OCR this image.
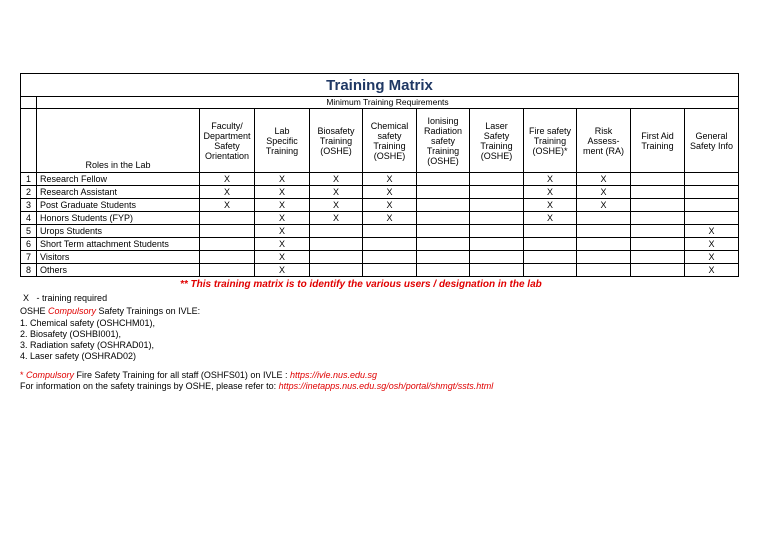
Training Matrix											
	Minimum Training Requirements										
	Roles in the Lab	Faculty/
Department
Safety
Orientation	Lab
Specific
Training	Biosafety
Training
(OSHE)	Chemical
safety
Training
(OSHE)	Ionising
Radiation
safety
Training
(OSHE)	Laser
Safety
Training
(OSHE)	Fire safety
Training
(OSHE)*	Risk
Assess-
ment (RA)	First Aid
Training	General
Safety Info
1	Research Fellow	X	X	X	X			X	X		
2	Research Assistant	X	X	X	X			X	X		
3	Post Graduate Students	X	X	X	X			X	X		
4	Honors Students (FYP)		X	X	X			X			
5	Urops Students		X								X
6	Short Term attachment Students		X								X
7	Visitors		X								X
8	Others		X								X
** This training matrix is to identify the various users / designation in the lab
X - training required
OSHE Compulsory Safety Trainings on IVLE:
1. Chemical safety (OSHCHM01),
2. Biosafety (OSHBI001),
3. Radiation safety (OSHRAD01),
4. Laser safety (OSHRAD02)
* Compulsory Fire Safety Training for all staff (OSHFS01) on IVLE : https://ivle.nus.edu.sg
For information on the safety trainings by OSHE, please refer to: https://inetapps.nus.edu.sg/osh/portal/shmgt/ssts.html
